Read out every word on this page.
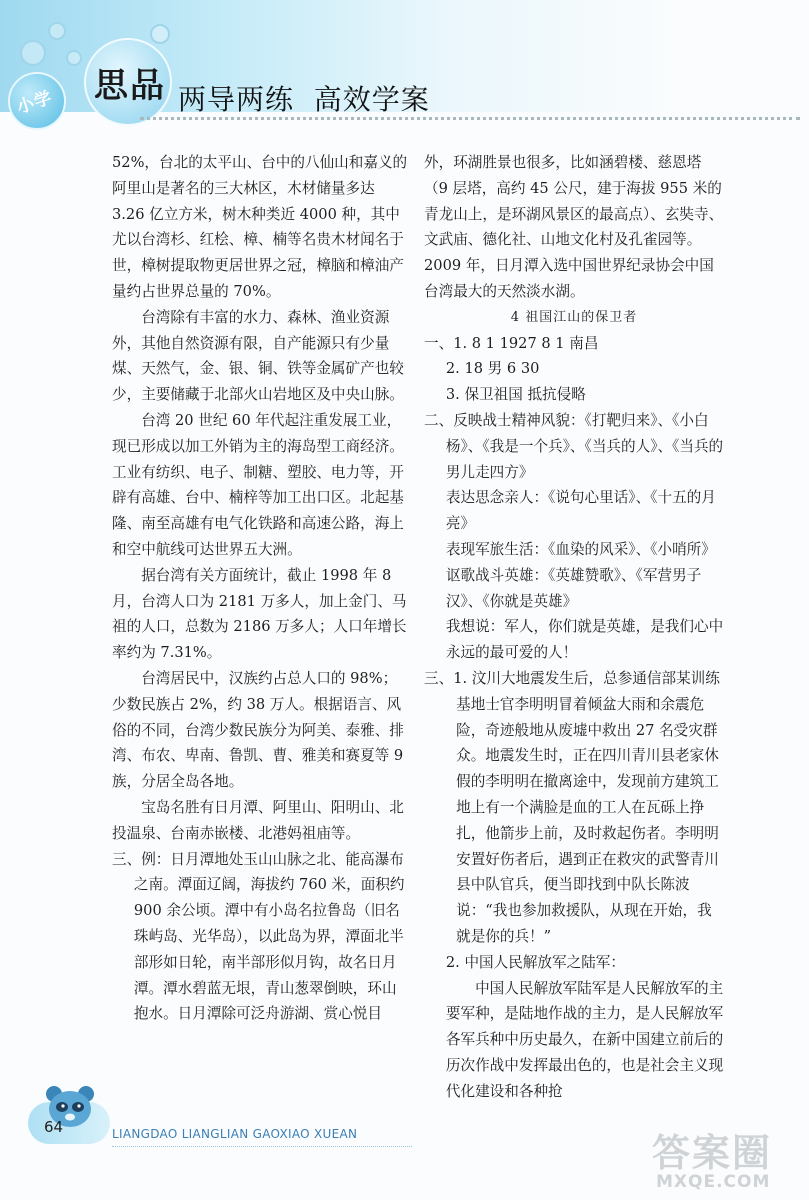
小学 思品 两导两练  高效学案

52%，台北的太平山、台中的八仙山和嘉义的阿里山是著名的三大林区，木材储量多达 3.26 亿立方米，树木种类近 4000 种，其中尤以台湾杉、红桧、樟、楠等名贵木材闻名于世，樟树提取物更居世界之冠，樟脑和樟油产量约占世界总量的 70%。

台湾除有丰富的水力、森林、渔业资源外，其他自然资源有限，自产能源只有少量煤、天然气，金、银、铜、铁等金属矿产也较少，主要储藏于北部火山岩地区及中央山脉。

台湾 20 世纪 60 年代起注重发展工业，现已形成以加工外销为主的海岛型工商经济。工业有纺织、电子、制糖、塑胶、电力等，开辟有高雄、台中、楠梓等加工出口区。北起基隆、南至高雄有电气化铁路和高速公路，海上和空中航线可达世界五大洲。

据台湾有关方面统计，截止 1998 年 8 月，台湾人口为 2181 万多人，加上金门、马祖的人口，总数为 2186 万多人；人口年增长率约为 7.31%。

台湾居民中，汉族约占总人口的 98%；少数民族占 2%，约 38 万人。根据语言、风俗的不同，台湾少数民族分为阿美、泰雅、排湾、布农、卑南、鲁凯、曹、雅美和赛夏等 9 族，分居全岛各地。

宝岛名胜有日月潭、阿里山、阳明山、北投温泉、台南赤嵌楼、北港妈祖庙等。

三、例：日月潭地处玉山山脉之北、能高瀑布之南。潭面辽阔，海拔约 760 米，面积约 900 余公顷。潭中有小岛名拉鲁岛（旧名珠屿岛、光华岛），以此岛为界，潭面北半部形如日轮，南半部形似月钩，故名日月潭。潭水碧蓝无垠，青山葱翠倒映，环山抱水。日月潭除可泛舟游湖、赏心悦目

外，环湖胜景也很多，比如涵碧楼、慈恩塔（9 层塔，高约 45 公尺，建于海拔 955 米的青龙山上，是环湖风景区的最高点）、玄奘寺、文武庙、德化社、山地文化村及孔雀园等。2009 年，日月潭入选中国世界纪录协会中国台湾最大的天然淡水湖。

4 祖国江山的保卫者

一、1. 8 1 1927 8 1 南昌

2. 18 男 6 30

3. 保卫祖国 抵抗侵略

二、反映战士精神风貌：《打靶归来》、《小白杨》、《我是一个兵》、《当兵的人》、《当兵的男儿走四方》

表达思念亲人：《说句心里话》、《十五的月亮》

表现军旅生活：《血染的风采》、《小哨所》

讴歌战斗英雄：《英雄赞歌》、《军营男子汉》、《你就是英雄》

我想说：军人，你们就是英雄，是我们心中永远的最可爱的人！

三、1. 汶川大地震发生后，总参通信部某训练基地士官李明明冒着倾盆大雨和余震危险，奇迹般地从废墟中救出 27 名受灾群众。地震发生时，正在四川青川县老家休假的李明明在撤离途中，发现前方建筑工地上有一个满脸是血的工人在瓦砾上挣扎，他箭步上前，及时救起伤者。李明明安置好伤者后，遇到正在救灾的武警青川县中队官兵，便当即找到中队长陈波说：“我也参加救援队，从现在开始，我就是你的兵！”

2. 中国人民解放军之陆军：

中国人民解放军陆军是人民解放军的主要军种，是陆地作战的主力，是人民解放军各军兵种中历史最久，在新中国建立前后的历次作战中发挥最出色的，也是社会主义现代化建设和各种抢

64	LIANGDAO LIANGLIAN GAOXIAO XUEAN	答案圈
MXQE.COM
